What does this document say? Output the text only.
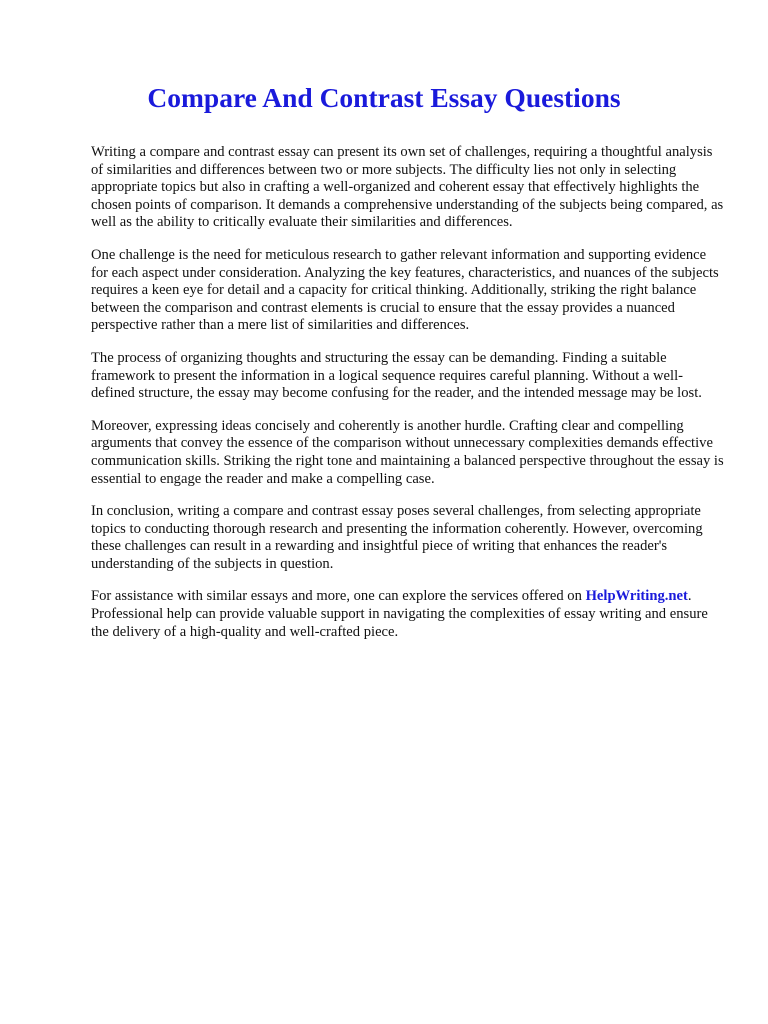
Compare And Contrast Essay Questions

Writing a compare and contrast essay can present its own set of challenges, requiring a thoughtful analysis of similarities and differences between two or more subjects. The difficulty lies not only in selecting appropriate topics but also in crafting a well-organized and coherent essay that effectively highlights the chosen points of comparison. It demands a comprehensive understanding of the subjects being compared, as well as the ability to critically evaluate their similarities and differences.

One challenge is the need for meticulous research to gather relevant information and supporting evidence for each aspect under consideration. Analyzing the key features, characteristics, and nuances of the subjects requires a keen eye for detail and a capacity for critical thinking. Additionally, striking the right balance between the comparison and contrast elements is crucial to ensure that the essay provides a nuanced perspective rather than a mere list of similarities and differences.

The process of organizing thoughts and structuring the essay can be demanding. Finding a suitable framework to present the information in a logical sequence requires careful planning. Without a well-defined structure, the essay may become confusing for the reader, and the intended message may be lost.

Moreover, expressing ideas concisely and coherently is another hurdle. Crafting clear and compelling arguments that convey the essence of the comparison without unnecessary complexities demands effective communication skills. Striking the right tone and maintaining a balanced perspective throughout the essay is essential to engage the reader and make a compelling case.

In conclusion, writing a compare and contrast essay poses several challenges, from selecting appropriate topics to conducting thorough research and presenting the information coherently. However, overcoming these challenges can result in a rewarding and insightful piece of writing that enhances the reader's understanding of the subjects in question.

For assistance with similar essays and more, one can explore the services offered on HelpWriting.net. Professional help can provide valuable support in navigating the complexities of essay writing and ensure the delivery of a high-quality and well-crafted piece.
